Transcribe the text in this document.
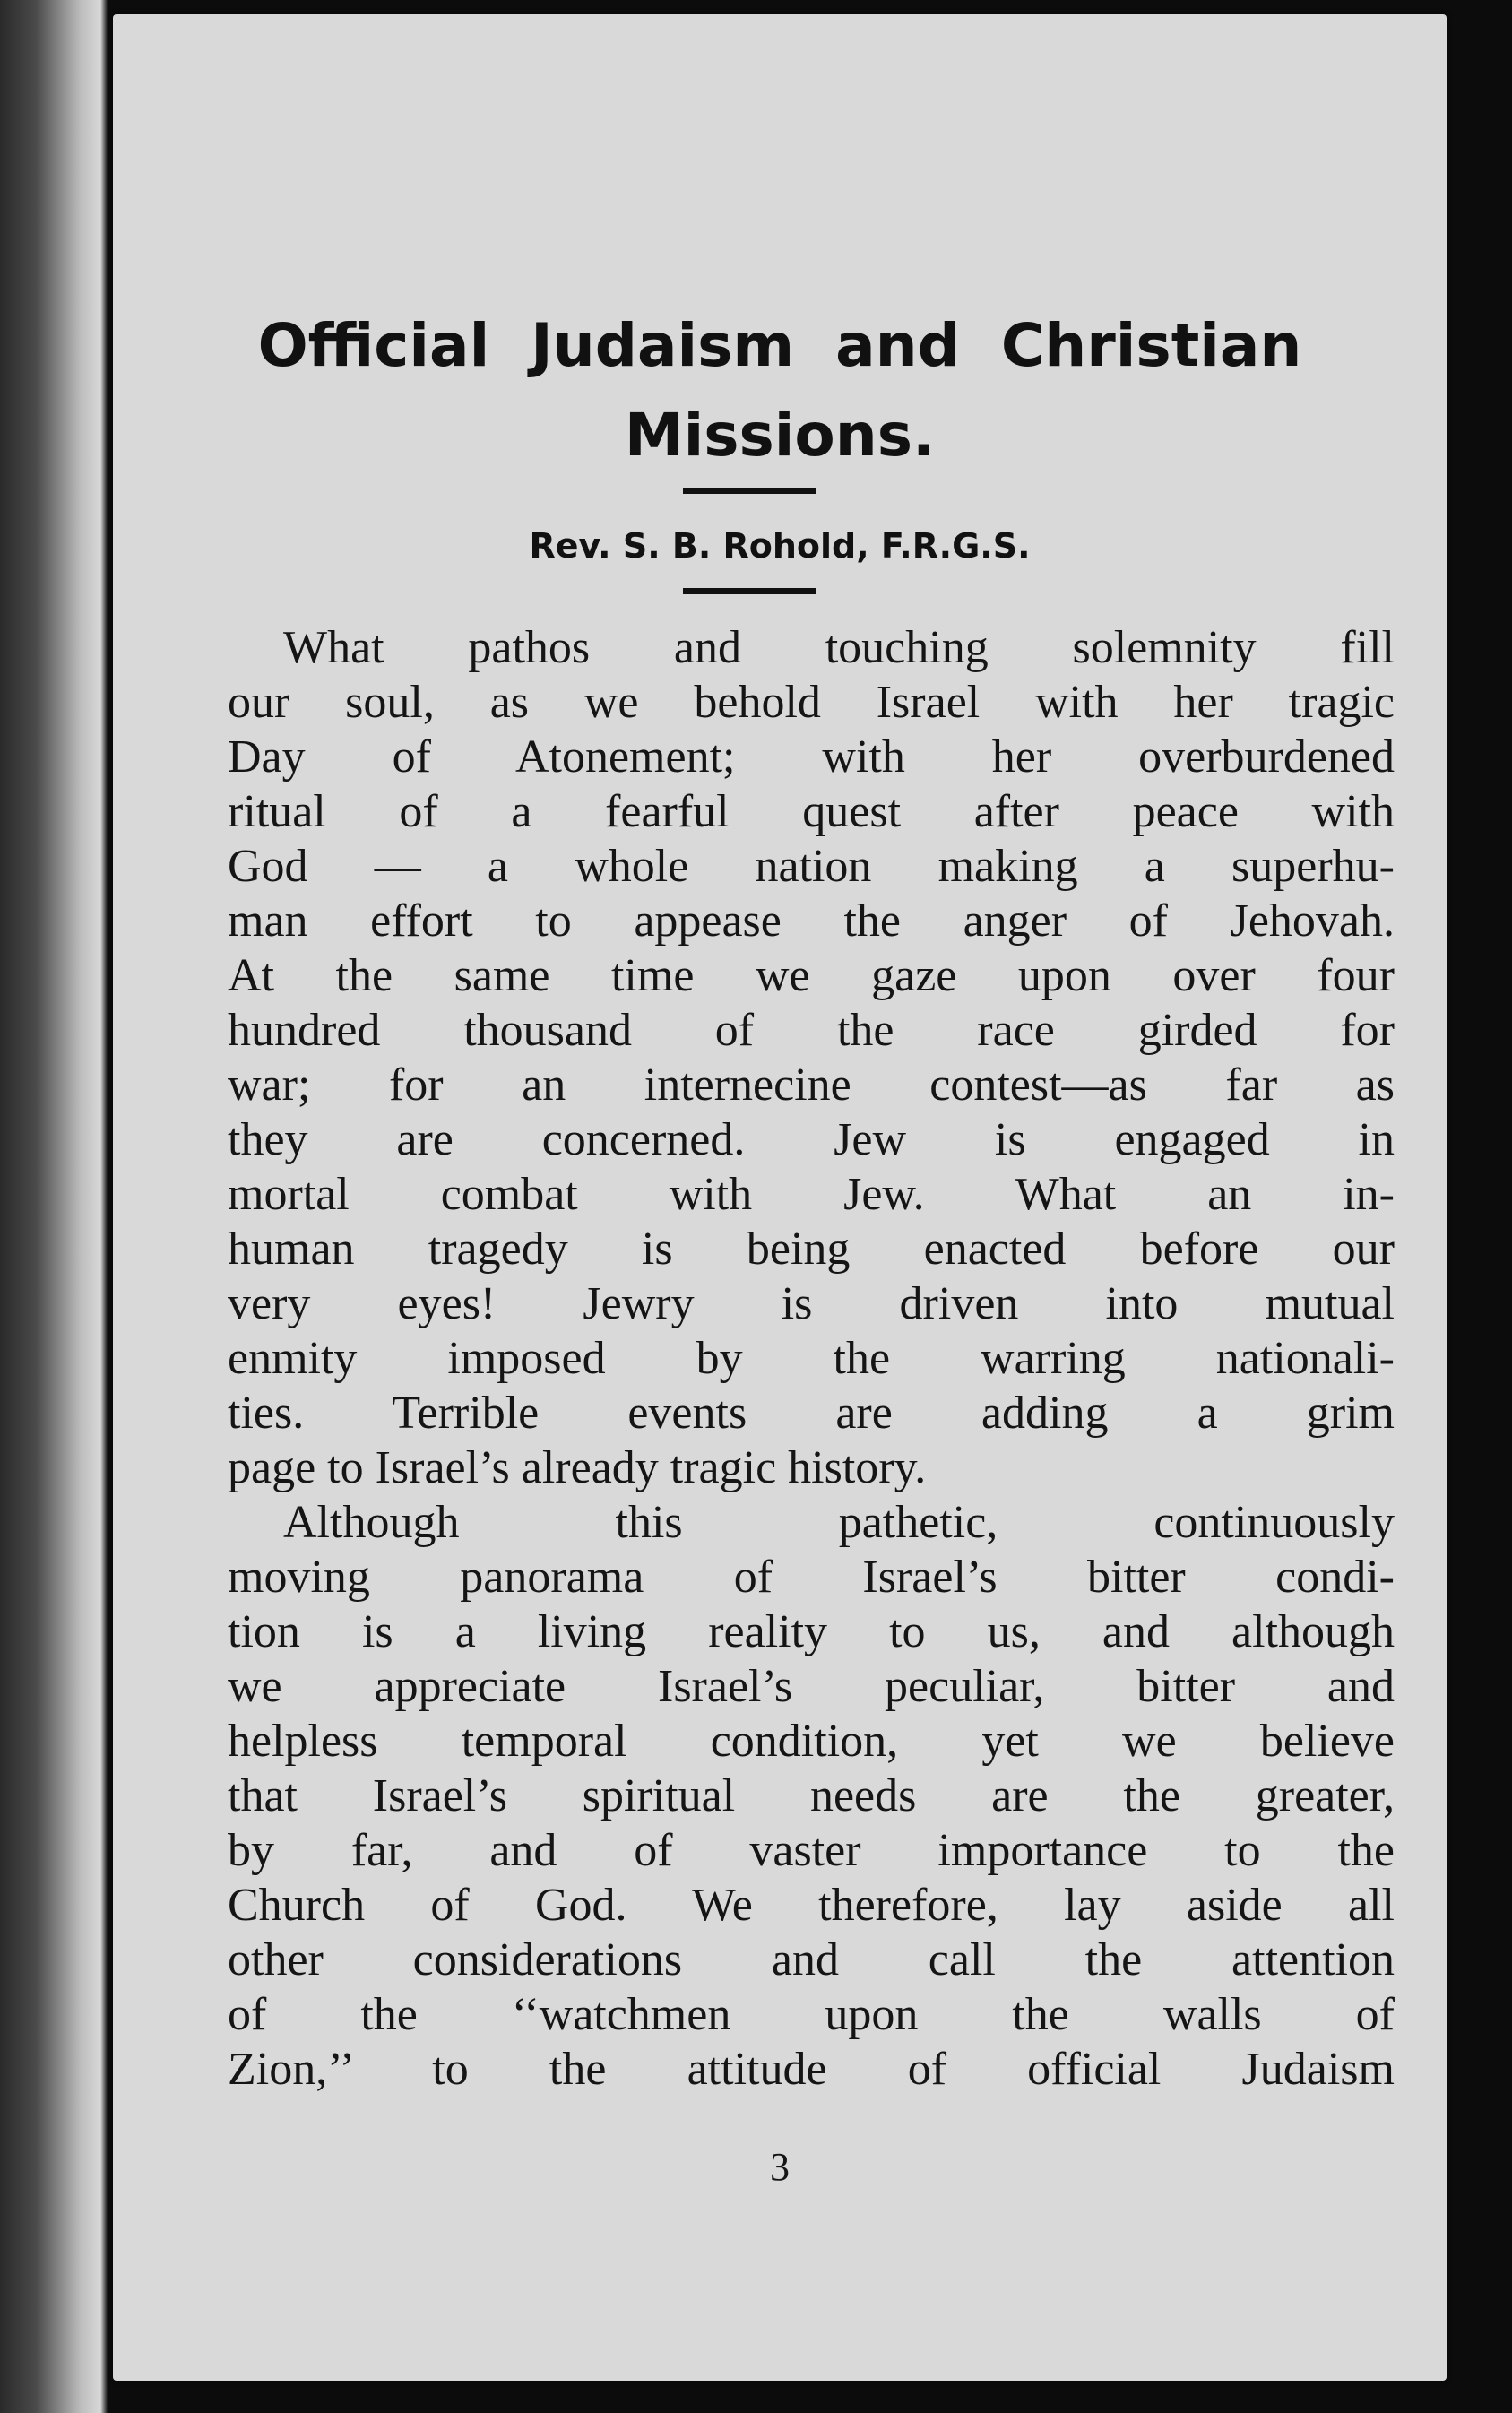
Official  Judaism  and  Christian
Missions.
Rev. S. B. Rohold, F.R.G.S.

What pathos and touching solemnity fill
our soul, as we behold Israel with her tragic
Day of Atonement; with her overburdened
ritual of a fearful quest after peace with
God — a whole nation making a superhu-
man effort to appease the anger of Jehovah.
At the same time we gaze upon over four
hundred thousand of the race girded for
war; for an internecine contest—as far as
they are concerned. Jew is engaged in
mortal combat with Jew. What an in-
human tragedy is being enacted before our
very eyes! Jewry is driven into mutual
enmity imposed by the warring nationali-
ties. Terrible events are adding a grim
page to Israel’s already tragic history.

Although this pathetic, continuously
moving panorama of Israel’s bitter condi-
tion is a living reality to us, and although
we appreciate Israel’s peculiar, bitter and
helpless temporal condition, yet we believe
that Israel’s spiritual needs are the greater,
by far, and of vaster importance to the
Church of God. We therefore, lay aside all
other considerations and call the attention
of the ‘‘watchmen upon the walls of
Zion,’’ to the attitude of official Judaism

3
